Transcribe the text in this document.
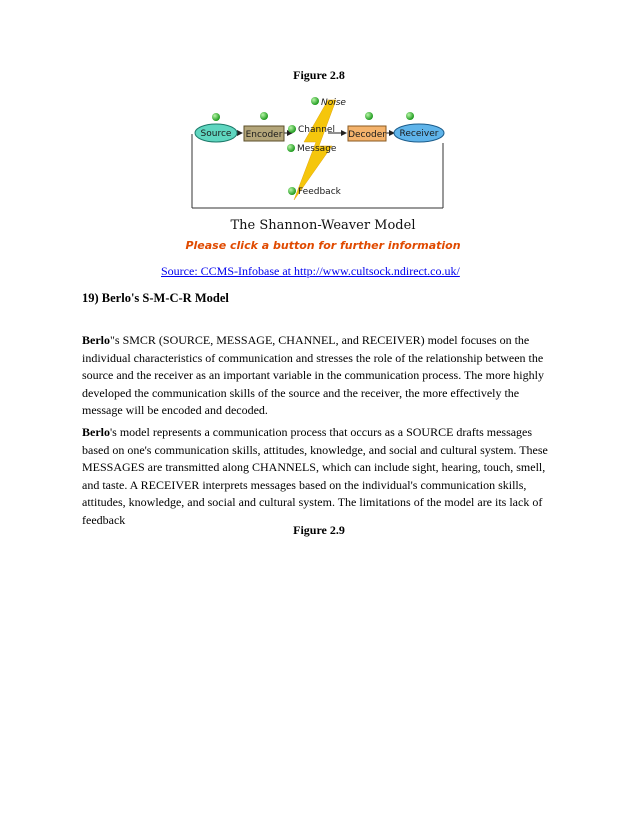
Figure 2.8
Source Encoder
Noise
Channel
Message
Decoder Receiver
Feedback
The Shannon-Weaver Model
Please click a button for further information
Source: CCMS-Infobase at http://www.cultsock.ndirect.co.uk/
19) Berlo's S-M-C-R Model

Berlo"s SMCR (SOURCE, MESSAGE, CHANNEL, and RECEIVER) model focuses on the individual characteristics of communication and stresses the role of the relationship between the source and the receiver as an important variable in the communication process. The more highly developed the communication skills of the source and the receiver, the more effectively the message will be encoded and decoded.

Berlo's model represents a communication process that occurs as a SOURCE drafts messages based on one's communication skills, attitudes, knowledge, and social and cultural system. These MESSAGES are transmitted along CHANNELS, which can include sight, hearing, touch, smell, and taste. A RECEIVER interprets messages based on the individual's communication skills, attitudes, knowledge, and social and cultural system. The limitations of the model are its lack of feedback

Figure 2.9
